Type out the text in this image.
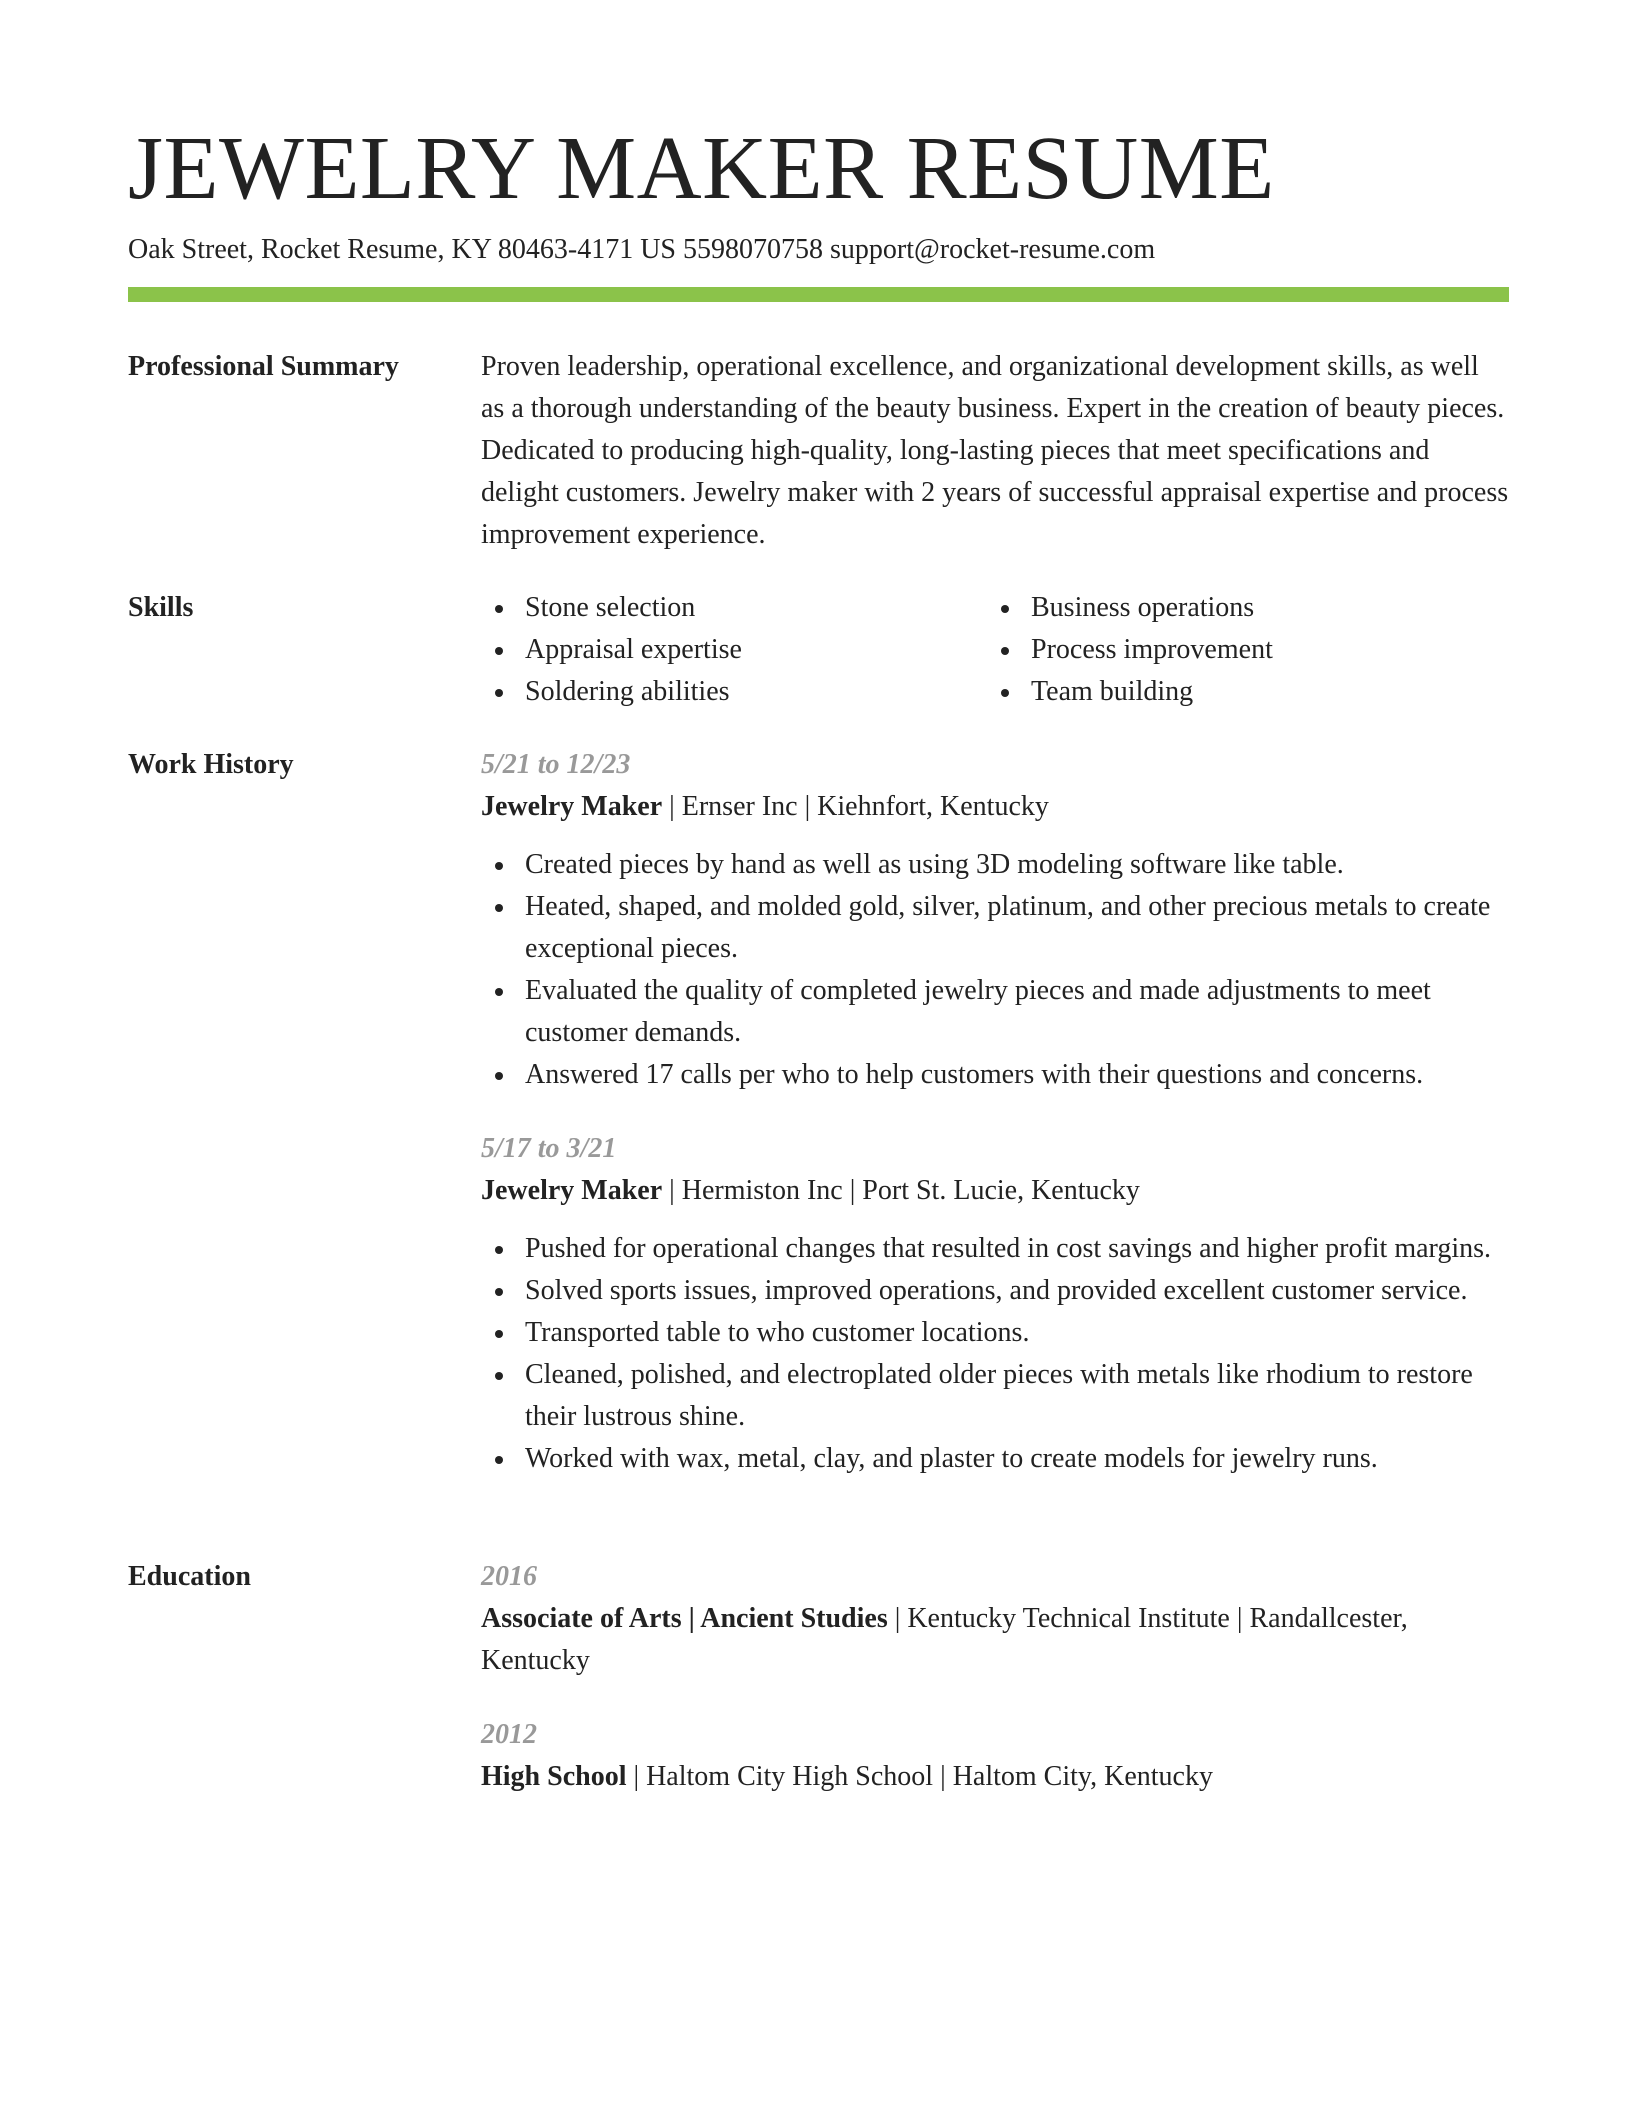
JEWELRY MAKER RESUME
Oak Street, Rocket Resume, KY 80463-4171 US 5598070758 support@rocket-resume.com
Professional Summary	Proven leadership, operational excellence, and organizational development skills, as well as a thorough understanding of the beauty business. Expert in the creation of beauty pieces. Dedicated to producing high-quality, long-lasting pieces that meet specifications and delight customers. Jewelry maker with 2 years of successful appraisal expertise and process improvement experience.

Skills	Stone selection
Appraisal expertise
Soldering abilities
Business operations
Process improvement
Team building
Work History	5/21 to 12/23
Jewelry Maker | Ernser Inc | Kiehnfort, Kentucky
Created pieces by hand as well as using 3D modeling software like table.
Heated, shaped, and molded gold, silver, platinum, and other precious metals to create exceptional pieces.
Evaluated the quality of completed jewelry pieces and made adjustments to meet customer demands.
Answered 17 calls per who to help customers with their questions and concerns.
5/17 to 3/21
Jewelry Maker | Hermiston Inc | Port St. Lucie, Kentucky
Pushed for operational changes that resulted in cost savings and higher profit margins.
Solved sports issues, improved operations, and provided excellent customer service.
Transported table to who customer locations.
Cleaned, polished, and electroplated older pieces with metals like rhodium to restore their lustrous shine.
Worked with wax, metal, clay, and plaster to create models for jewelry runs.
Education	2016

Associate of Arts | Ancient Studies | Kentucky Technical Institute | Randallcester, Kentucky

2012

High School | Haltom City High School | Haltom City, Kentucky
